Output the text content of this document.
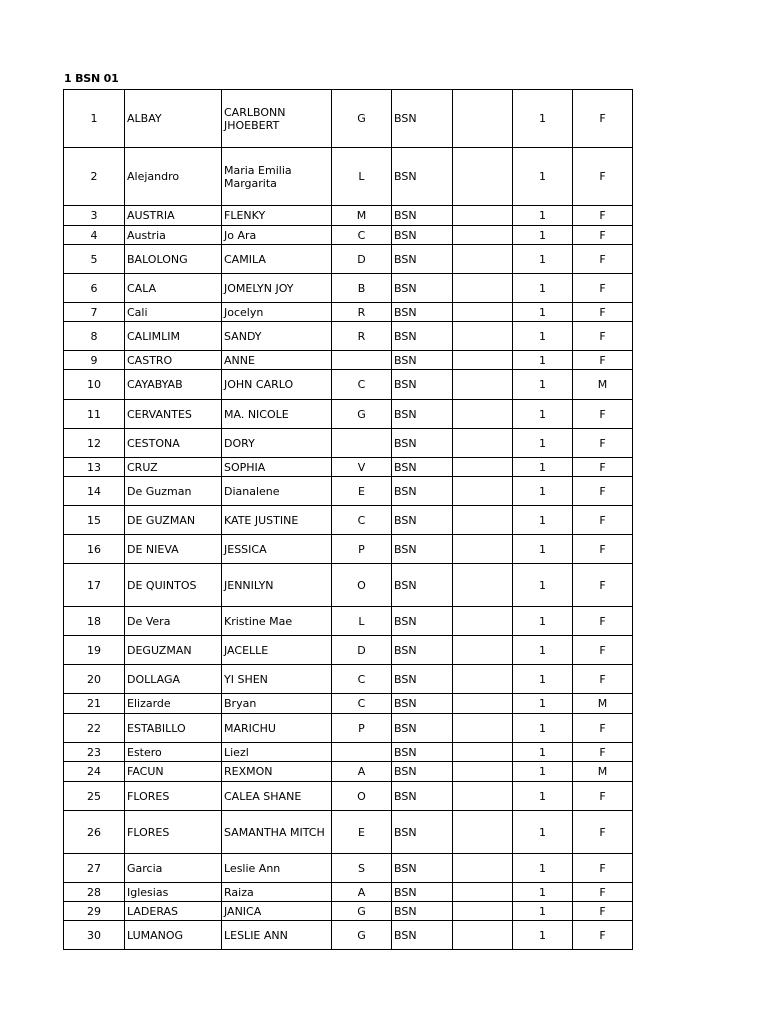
1 BSN 01
1	ALBAY	CARLBONN JHOEBERT	G	BSN		1	F
2	Alejandro	Maria Emilia Margarita	L	BSN		1	F
3	AUSTRIA	FLENKY	M	BSN		1	F
4	Austria	Jo Ara	C	BSN		1	F
5	BALOLONG	CAMILA	D	BSN		1	F
6	CALA	JOMELYN JOY	B	BSN		1	F
7	Cali	Jocelyn	R	BSN		1	F
8	CALIMLIM	SANDY	R	BSN		1	F
9	CASTRO	ANNE		BSN		1	F
10	CAYABYAB	JOHN CARLO	C	BSN		1	M
11	CERVANTES	MA. NICOLE	G	BSN		1	F
12	CESTONA	DORY		BSN		1	F
13	CRUZ	SOPHIA	V	BSN		1	F
14	De Guzman	Dianalene	E	BSN		1	F
15	DE GUZMAN	KATE JUSTINE	C	BSN		1	F
16	DE NIEVA	JESSICA	P	BSN		1	F
17	DE QUINTOS	JENNILYN	O	BSN		1	F
18	De Vera	Kristine Mae	L	BSN		1	F
19	DEGUZMAN	JACELLE	D	BSN		1	F
20	DOLLAGA	YI SHEN	C	BSN		1	F
21	Elizarde	Bryan	C	BSN		1	M
22	ESTABILLO	MARICHU	P	BSN		1	F
23	Estero	Liezl		BSN		1	F
24	FACUN	REXMON	A	BSN		1	M
25	FLORES	CALEA SHANE	O	BSN		1	F
26	FLORES	SAMANTHA MITCH	E	BSN		1	F
27	Garcia	Leslie Ann	S	BSN		1	F
28	Iglesias	Raiza	A	BSN		1	F
29	LADERAS	JANICA	G	BSN		1	F
30	LUMANOG	LESLIE ANN	G	BSN		1	F
